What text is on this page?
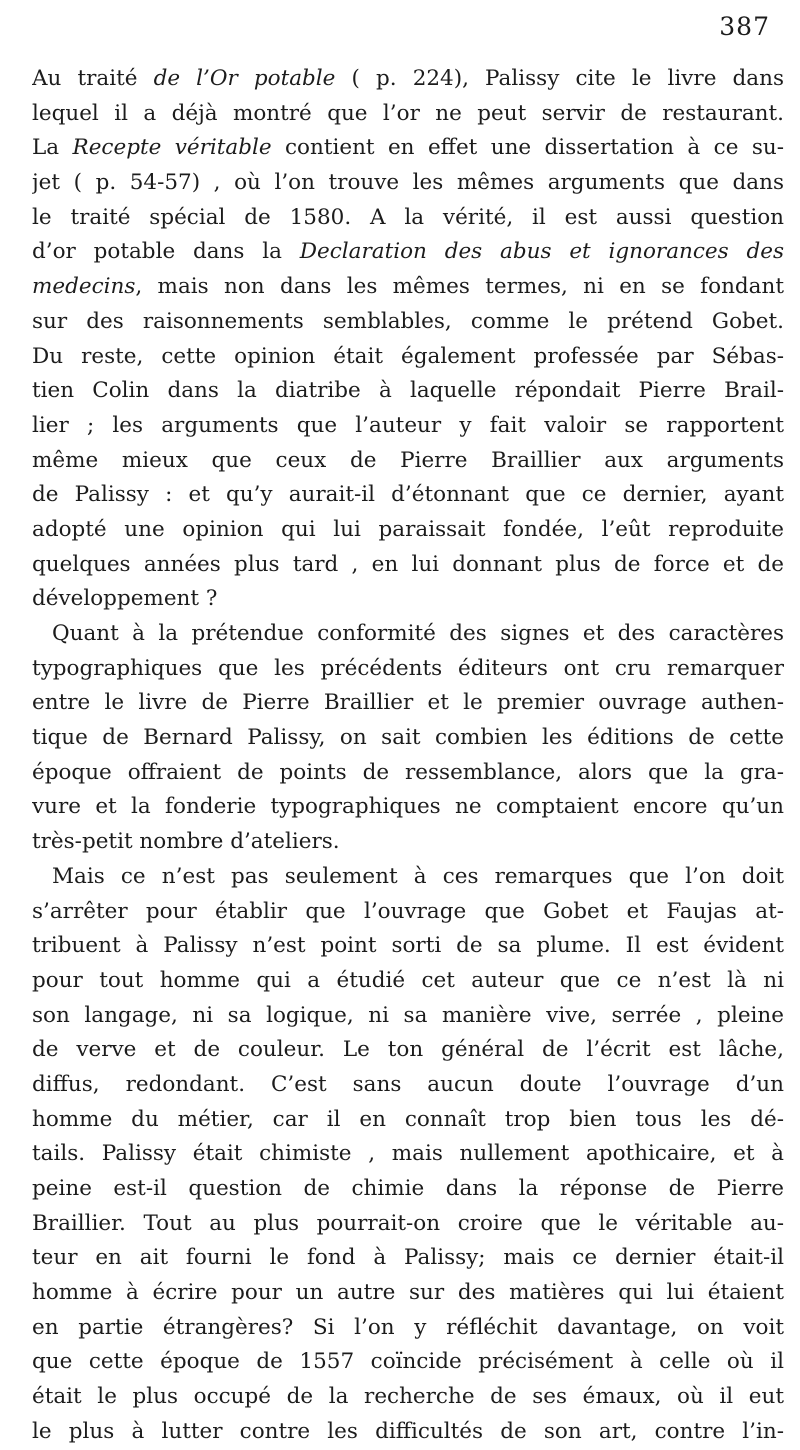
387
Au traité de l’Or potable ( p. 224), Palissy cite le livre dans
lequel il a déjà montré que l’or ne peut servir de restaurant.
La Recepte véritable contient en effet une dissertation à ce su-
jet ( p. 54-57) , où l’on trouve les mêmes arguments que dans
le traité spécial de 1580. A la vérité, il est aussi question
d’or potable dans la Declaration des abus et ignorances des
medecins, mais non dans les mêmes termes, ni en se fondant
sur des raisonnements semblables, comme le prétend Gobet.
Du reste, cette opinion était également professée par Sébas-
tien Colin dans la diatribe à laquelle répondait Pierre Brail-
lier ; les arguments que l’auteur y fait valoir se rapportent
même mieux que ceux de Pierre Braillier aux arguments
de Palissy : et qu’y aurait-il d’étonnant que ce dernier, ayant
adopté une opinion qui lui paraissait fondée, l’eût reproduite
quelques années plus tard , en lui donnant plus de force et de
développement ?
Quant à la prétendue conformité des signes et des caractères
typographiques que les précédents éditeurs ont cru remarquer
entre le livre de Pierre Braillier et le premier ouvrage authen-
tique de Bernard Palissy, on sait combien les éditions de cette
époque offraient de points de ressemblance, alors que la gra-
vure et la fonderie typographiques ne comptaient encore qu’un
très-petit nombre d’ateliers.
Mais ce n’est pas seulement à ces remarques que l’on doit
s’arrêter pour établir que l’ouvrage que Gobet et Faujas at-
tribuent à Palissy n’est point sorti de sa plume. Il est évident
pour tout homme qui a étudié cet auteur que ce n’est là ni
son langage, ni sa logique, ni sa manière vive, serrée , pleine
de verve et de couleur. Le ton général de l’écrit est lâche,
diffus, redondant. C’est sans aucun doute l’ouvrage d’un
homme du métier, car il en connaît trop bien tous les dé-
tails. Palissy était chimiste , mais nullement apothicaire, et à
peine est-il question de chimie dans la réponse de Pierre
Braillier. Tout au plus pourrait-on croire que le véritable au-
teur en ait fourni le fond à Palissy; mais ce dernier était-il
homme à écrire pour un autre sur des matières qui lui étaient
en partie étrangères? Si l’on y réfléchit davantage, on voit
que cette époque de 1557 coïncide précisément à celle où il
était le plus occupé de la recherche de ses émaux, où il eut
le plus à lutter contre les difficultés de son art, contre l’in-
